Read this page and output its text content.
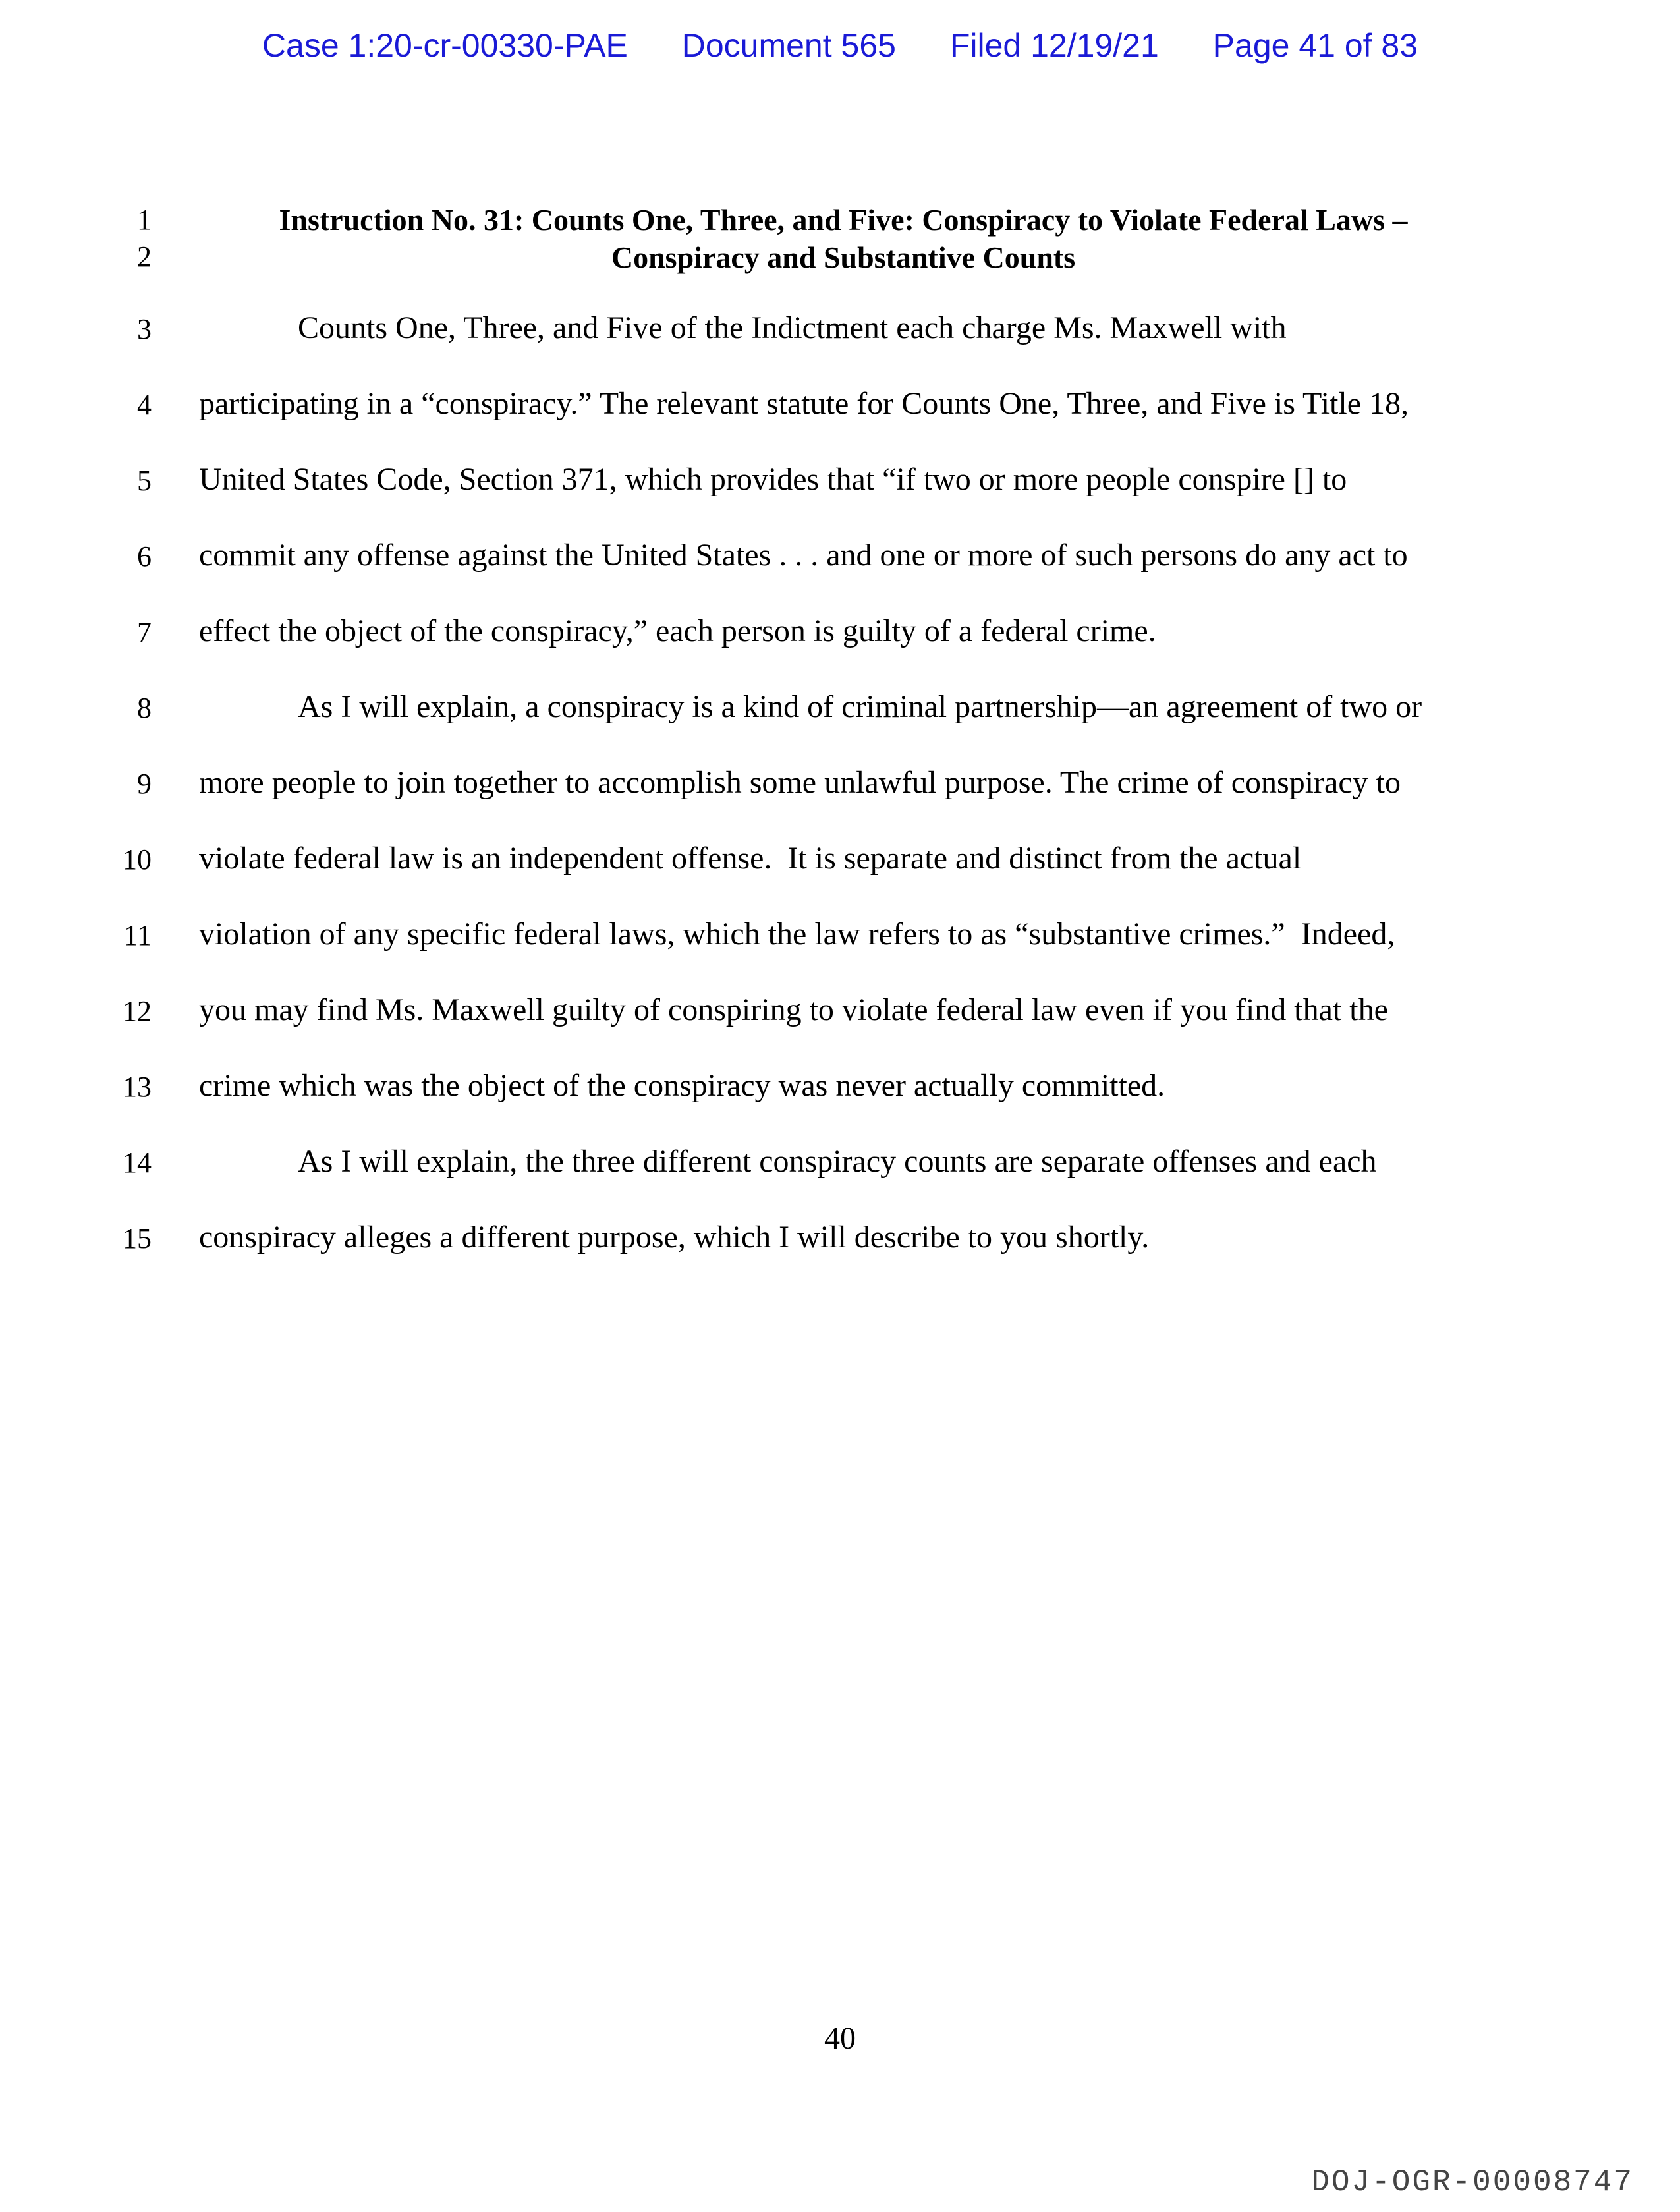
Case 1:20-cr-00330-PAE Document 565 Filed 12/19/21 Page 41 of 83
1
2
3
4
5
6
7
8
9
10
11
12
13
14
15
Instruction No. 31: Counts One, Three, and Five: Conspiracy to Violate Federal Laws –
Conspiracy and Substantive Counts
Counts One, Three, and Five of the Indictment each charge Ms. Maxwell with
participating in a “conspiracy.” The relevant statute for Counts One, Three, and Five is Title 18,
United States Code, Section 371, which provides that “if two or more people conspire [] to
commit any offense against the United States . . . and one or more of such persons do any act to
effect the object of the conspiracy,” each person is guilty of a federal crime.
As I will explain, a conspiracy is a kind of criminal partnership—an agreement of two or
more people to join together to accomplish some unlawful purpose. The crime of conspiracy to
violate federal law is an independent offense.  It is separate and distinct from the actual
violation of any specific federal laws, which the law refers to as “substantive crimes.”  Indeed,
you may find Ms. Maxwell guilty of conspiring to violate federal law even if you find that the
crime which was the object of the conspiracy was never actually committed.
As I will explain, the three different conspiracy counts are separate offenses and each
conspiracy alleges a different purpose, which I will describe to you shortly.
40
DOJ-OGR-00008747
